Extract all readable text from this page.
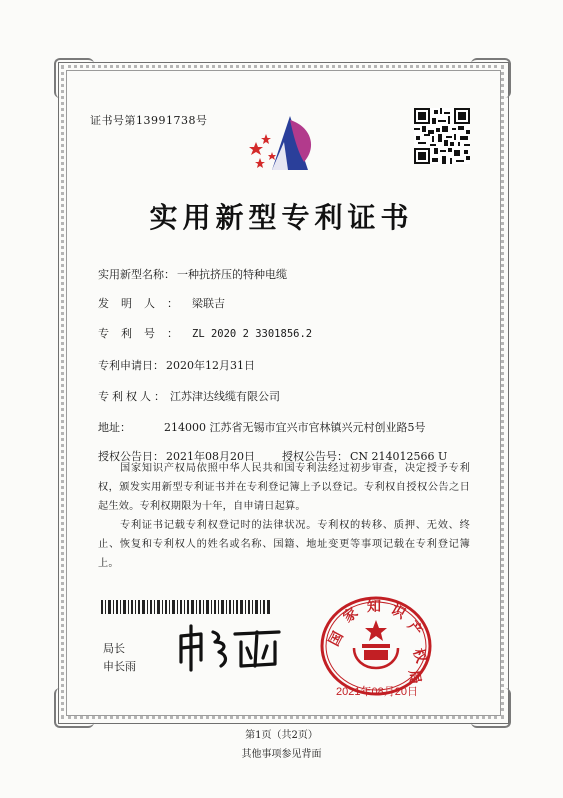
证书号第13991738号
实用新型专利证书
实用新型名称： 一种抗挤压的特种电缆
发明人： 梁联吉
专利号： ZL 2020 2 3301856.2
专利申请日： 2020年12月31日
专利权人： 江苏津达线缆有限公司
地址：	214000 江苏省无锡市宜兴市官林镇兴元村创业路5号
授权公告日： 2021年08月20日 授权公告号： CN 214012566 U
国家知识产权局依照中华人民共和国专利法经过初步审查，决定授予专利权，颁发实用新型专利证书并在专利登记簿上予以登记。专利权自授权公告之日起生效。专利权期限为十年，自申请日起算。
专利证书记载专利权登记时的法律状况。专利权的转移、质押、无效、终止、恢复和专利权人的姓名或名称、国籍、地址变更等事项记载在专利登记簿上。
局长
申长雨
国
家 知 识
产
权
局
2021年08月20日
第1页（共2页）
其他事项参见背面
